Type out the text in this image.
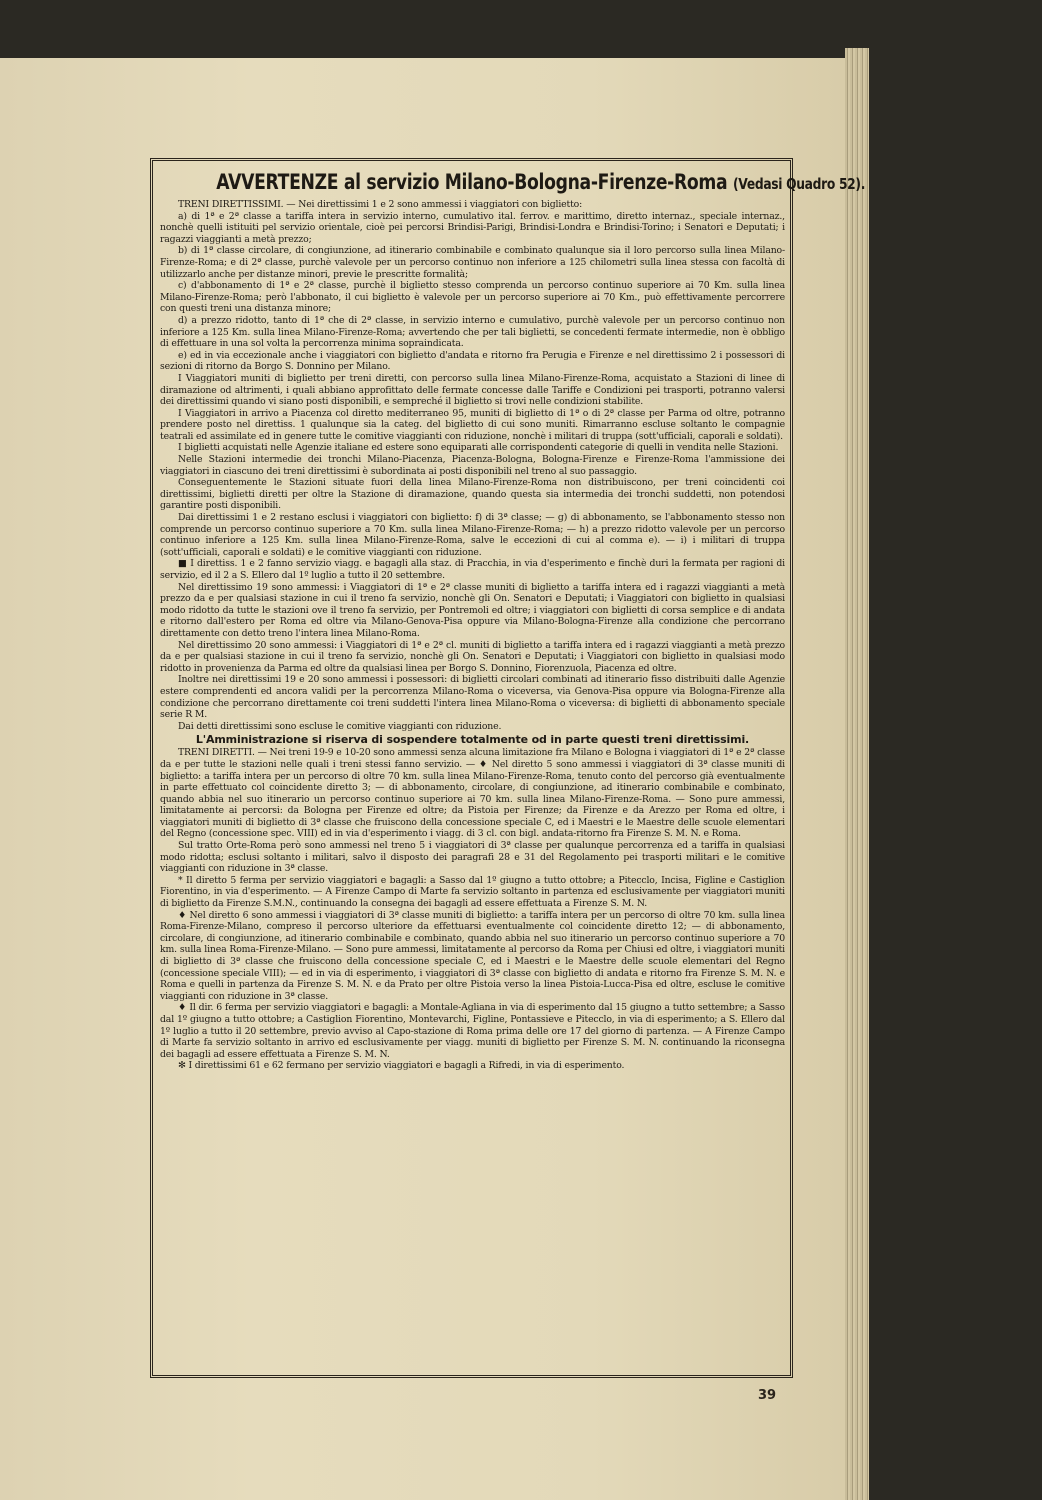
AVVERTENZE al servizio Milano-Bologna-Firenze-Roma (Vedasi Quadro 52).

TRENI DIRETTISSIMI. — Nei direttissimi 1 e 2 sono ammessi i viaggiatori con biglietto:

a) di 1ª e 2ª classe a tariffa intera in servizio interno, cumulativo ital. ferrov. e marittimo, diretto internaz., speciale internaz., nonchè quelli istituiti pel servizio orientale, cioè pei percorsi Brindisi-Parigi, Brindisi-Londra e Brindisi-Torino; i Senatori e Deputati; i ragazzi viaggianti a metà prezzo;

b) di 1ª classe circolare, di congiunzione, ad itinerario combinabile e combinato qualunque sia il loro percorso sulla linea Milano-Firenze-Roma; e di 2ª classe, purchè valevole per un percorso continuo non inferiore a 125 chilometri sulla linea stessa con facoltà di utilizzarlo anche per distanze minori, previe le prescritte formalità;

c) d'abbonamento di 1ª e 2ª classe, purchè il biglietto stesso comprenda un percorso continuo superiore ai 70 Km. sulla linea Milano-Firenze-Roma; però l'abbonato, il cui biglietto è valevole per un percorso superiore ai 70 Km., può effettivamente percorrere con questi treni una distanza minore;

d) a prezzo ridotto, tanto di 1ª che di 2ª classe, in servizio interno e cumulativo, purchè valevole per un percorso continuo non inferiore a 125 Km. sulla linea Milano-Firenze-Roma; avvertendo che per tali biglietti, se concedenti fermate intermedie, non è obbligo di effettuare in una sol volta la percorrenza minima sopraindicata.

e) ed in via eccezionale anche i viaggiatori con biglietto d'andata e ritorno fra Perugia e Firenze e nel direttissimo 2 i possessori di sezioni di ritorno da Borgo S. Donnino per Milano.

I Viaggiatori muniti di biglietto per treni diretti, con percorso sulla linea Milano-Firenze-Roma, acquistato a Stazioni di linee di diramazione od altrimenti, i quali abbiano approfittato delle fermate concesse dalle Tariffe e Condizioni pei trasporti, potranno valersi dei direttissimi quando vi siano posti disponibili, e sempreché il biglietto si trovi nelle condizioni stabilite.

I Viaggiatori in arrivo a Piacenza col diretto mediterraneo 95, muniti di biglietto di 1ª o di 2ª classe per Parma od oltre, potranno prendere posto nel direttiss. 1 qualunque sia la categ. del biglietto di cui sono muniti. Rimarranno escluse soltanto le compagnie teatrali ed assimilate ed in genere tutte le comitive viaggianti con riduzione, nonchè i militari di truppa (sott'ufficiali, caporali e soldati).

I biglietti acquistati nelle Agenzie italiane ed estere sono equiparati alle corrispondenti categorie di quelli in vendita nelle Stazioni.

Nelle Stazioni intermedie dei tronchi Milano-Piacenza, Piacenza-Bologna, Bologna-Firenze e Firenze-Roma l'ammissione dei viaggiatori in ciascuno dei treni direttissimi è subordinata ai posti disponibili nel treno al suo passaggio.

Conseguentemente le Stazioni situate fuori della linea Milano-Firenze-Roma non distribuiscono, per treni coincidenti coi direttissimi, biglietti diretti per oltre la Stazione di diramazione, quando questa sia intermedia dei tronchi suddetti, non potendosi garantire posti disponibili.

Dai direttissimi 1 e 2 restano esclusi i viaggiatori con biglietto: f) di 3ª classe; — g) di abbonamento, se l'abbonamento stesso non comprende un percorso continuo superiore a 70 Km. sulla linea Milano-Firenze-Roma; — h) a prezzo ridotto valevole per un percorso continuo inferiore a 125 Km. sulla linea Milano-Firenze-Roma, salve le eccezioni di cui al comma e). — i) i militari di truppa (sott'ufficiali, caporali e soldati) e le comitive viaggianti con riduzione.

■ I direttiss. 1 e 2 fanno servizio viagg. e bagagli alla staz. di Pracchia, in via d'esperimento e finchè duri la fermata per ragioni di servizio, ed il 2 a S. Ellero dal 1º luglio a tutto il 20 settembre.

Nel direttissimo 19 sono ammessi: i Viaggiatori di 1ª e 2ª classe muniti di biglietto a tariffa intera ed i ragazzi viaggianti a metà prezzo da e per qualsiasi stazione in cui il treno fa servizio, nonchè gli On. Senatori e Deputati; i Viaggiatori con biglietto in qualsiasi modo ridotto da tutte le stazioni ove il treno fa servizio, per Pontremoli ed oltre; i viaggiatori con biglietti di corsa semplice e di andata e ritorno dall'estero per Roma ed oltre via Milano-Genova-Pisa oppure via Milano-Bologna-Firenze alla condizione che percorrano direttamente con detto treno l'intera linea Milano-Roma.

Nel direttissimo 20 sono ammessi: i Viaggiatori di 1ª e 2ª cl. muniti di biglietto a tariffa intera ed i ragazzi viaggianti a metà prezzo da e per qualsiasi stazione in cui il treno fa servizio, nonchè gli On. Senatori e Deputati; i Viaggiatori con biglietto in qualsiasi modo ridotto in provenienza da Parma ed oltre da qualsiasi linea per Borgo S. Donnino, Fiorenzuola, Piacenza ed oltre.

Inoltre nei direttissimi 19 e 20 sono ammessi i possessori: di biglietti circolari combinati ad itinerario fisso distribuiti dalle Agenzie estere comprendenti ed ancora validi per la percorrenza Milano-Roma o viceversa, via Genova-Pisa oppure via Bologna-Firenze alla condizione che percorrano direttamente coi treni suddetti l'intera linea Milano-Roma o viceversa: di biglietti di abbonamento speciale serie R M.

Dai detti direttissimi sono escluse le comitive viaggianti con riduzione.

L'Amministrazione si riserva di sospendere totalmente od in parte questi treni direttissimi.

TRENI DIRETTI. — Nei treni 19-9 e 10-20 sono ammessi senza alcuna limitazione fra Milano e Bologna i viaggiatori di 1ª e 2ª classe da e per tutte le stazioni nelle quali i treni stessi fanno servizio. — ♦ Nel diretto 5 sono ammessi i viaggiatori di 3ª classe muniti di biglietto: a tariffa intera per un percorso di oltre 70 km. sulla linea Milano-Firenze-Roma, tenuto conto del percorso già eventualmente in parte effettuato col coincidente diretto 3; — di abbonamento, circolare, di congiunzione, ad itinerario combinabile e combinato, quando abbia nel suo itinerario un percorso continuo superiore ai 70 km. sulla linea Milano-Firenze-Roma. — Sono pure ammessi, limitatamente ai percorsi: da Bologna per Firenze ed oltre; da Pistoia per Firenze; da Firenze e da Arezzo per Roma ed oltre, i viaggiatori muniti di biglietto di 3ª classe che fruiscono della concessione speciale C, ed i Maestri e le Maestre delle scuole elementari del Regno (concessione spec. VIII) ed in via d'esperimento i viagg. di 3 cl. con bigl. andata-ritorno fra Firenze S. M. N. e Roma.

Sul tratto Orte-Roma però sono ammessi nel treno 5 i viaggiatori di 3ª classe per qualunque percorrenza ed a tariffa in qualsiasi modo ridotta; esclusi soltanto i militari, salvo il disposto dei paragrafi 28 e 31 del Regolamento pei trasporti militari e le comitive viaggianti con riduzione in 3ª classe.

* Il diretto 5 ferma per servizio viaggiatori e bagagli: a Sasso dal 1º giugno a tutto ottobre; a Pitecclo, Incisa, Figline e Castiglion Fiorentino, in via d'esperimento. — A Firenze Campo di Marte fa servizio soltanto in partenza ed esclusivamente per viaggiatori muniti di biglietto da Firenze S.M.N., continuando la consegna dei bagagli ad essere effettuata a Firenze S. M. N.

♦ Nel diretto 6 sono ammessi i viaggiatori di 3ª classe muniti di biglietto: a tariffa intera per un percorso di oltre 70 km. sulla linea Roma-Firenze-Milano, compreso il percorso ulteriore da effettuarsi eventualmente col coincidente diretto 12; — di abbonamento, circolare, di congiunzione, ad itinerario combinabile e combinato, quando abbia nel suo itinerario un percorso continuo superiore a 70 km. sulla linea Roma-Firenze-Milano. — Sono pure ammessi, limitatamente al percorso da Roma per Chiusi ed oltre, i viaggiatori muniti di biglietto di 3ª classe che fruiscono della concessione speciale C, ed i Maestri e le Maestre delle scuole elementari del Regno (concessione speciale VIII); — ed in via di esperimento, i viaggiatori di 3ª classe con biglietto di andata e ritorno fra Firenze S. M. N. e Roma e quelli in partenza da Firenze S. M. N. e da Prato per oltre Pistoia verso la linea Pistoia-Lucca-Pisa ed oltre, escluse le comitive viaggianti con riduzione in 3ª classe.

♦ Il dir. 6 ferma per servizio viaggiatori e bagagli: a Montale-Agliana in via di esperimento dal 15 giugno a tutto settembre; a Sasso dal 1º giugno a tutto ottobre; a Castiglion Fiorentino, Montevarchi, Figline, Pontassieve e Pitecclo, in via di esperimento; a S. Ellero dal 1º luglio a tutto il 20 settembre, previo avviso al Capo-stazione di Roma prima delle ore 17 del giorno di partenza. — A Firenze Campo di Marte fa servizio soltanto in arrivo ed esclusivamente per viagg. muniti di biglietto per Firenze S. M. N. continuando la riconsegna dei bagagli ad essere effettuata a Firenze S. M. N.

✻ I direttissimi 61 e 62 fermano per servizio viaggiatori e bagagli a Rifredi, in via di esperimento.

39
